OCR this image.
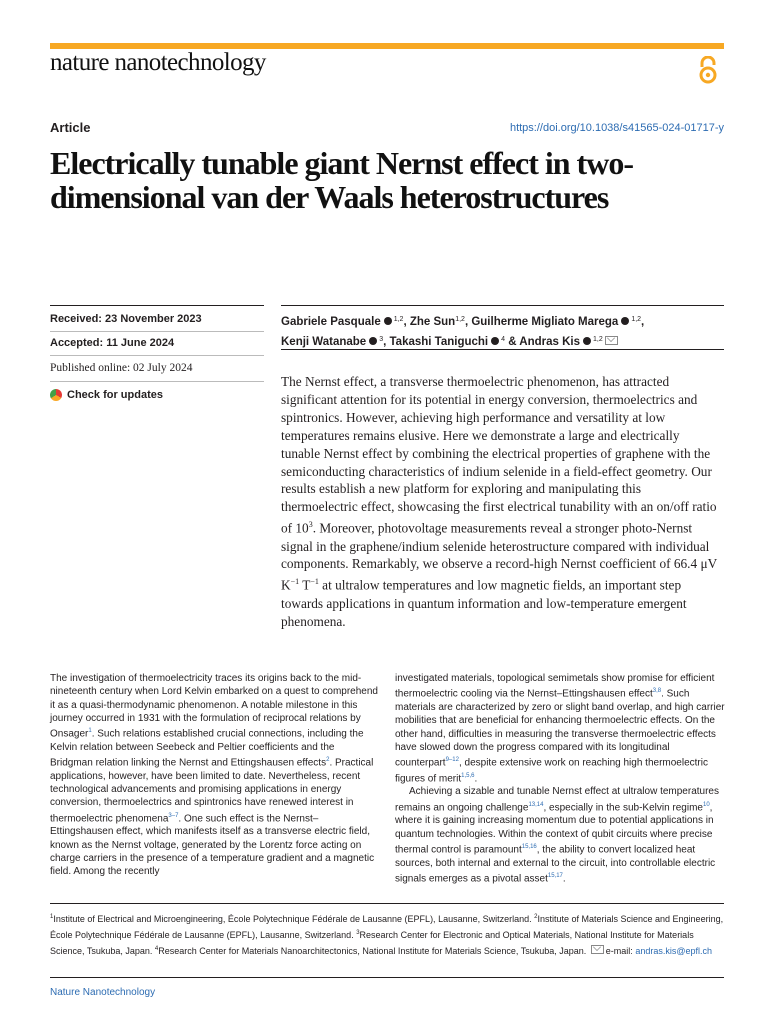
nature nanotechnology
Article	https://doi.org/10.1038/s41565-024-01717-y
Electrically tunable giant Nernst effect in two-dimensional van der Waals heterostructures
Received: 23 November 2023
Accepted: 11 June 2024
Published online: 02 July 2024
Check for updates
Gabriele Pasquale $^{1,2}$, Zhe Sun$^{1,2}$, Guilherme Migliato Marega $^{1,2}$,
Kenji Watanabe $^3$, Takashi Taniguchi $^4$ & Andras Kis $^{1,2}$

The Nernst effect, a transverse thermoelectric phenomenon, has attracted significant attention for its potential in energy conversion, thermoelectrics and spintronics. However, achieving high performance and versatility at low temperatures remains elusive. Here we demonstrate a large and electrically tunable Nernst effect by combining the electrical properties of graphene with the semiconducting characteristics of indium selenide in a field-effect geometry. Our results establish a new platform for exploring and manipulating this thermoelectric effect, showcasing the first electrical tunability with an on/off ratio of $10^3$. Moreover, photovoltage measurements reveal a stronger photo-Nernst signal in the graphene/indium selenide heterostructure compared with individual components. Remarkably, we observe a record-high Nernst coefficient of 66.4 μV $K^{-1}$ $T^{-1}$ at ultralow temperatures and low magnetic fields, an important step towards applications in quantum information and low-temperature emergent phenomena.

The investigation of thermoelectricity traces its origins back to the mid-nineteenth century when Lord Kelvin embarked on a quest to comprehend it as a quasi-thermodynamic phenomenon. A notable milestone in this journey occurred in 1931 with the formulation of reciprocal relations by Onsager$^1$. Such relations established crucial connections, including the Kelvin relation between Seebeck and Peltier coefficients and the Bridgman relation linking the Nernst and Ettingshausen effects$^2$. Practical applications, however, have been limited to date. Nevertheless, recent technological advancements and promising applications in energy conversion, thermoelectrics and spintronics have renewed interest in thermoelectric phenomena$^{3-7}$. One such effect is the Nernst–Ettingshausen effect, which manifests itself as a transverse electric field, known as the Nernst voltage, generated by the Lorentz force acting on charge carriers in the presence of a temperature gradient and a magnetic field. Among the recently

investigated materials, topological semimetals show promise for efficient thermoelectric cooling via the Nernst–Ettingshausen effect$^{3,8}$. Such materials are characterized by zero or slight band overlap, and high carrier mobilities that are beneficial for enhancing thermoelectric effects. On the other hand, difficulties in measuring the transverse thermoelectric effects have slowed down the progress compared with its longitudinal counterpart$^{9-12}$, despite extensive work on reaching high thermoelectric figures of merit$^{1,5,6}$.

Achieving a sizable and tunable Nernst effect at ultralow temperatures remains an ongoing challenge$^{13,14}$, especially in the sub-Kelvin regime$^{10}$, where it is gaining increasing momentum due to potential applications in quantum technologies. Within the context of qubit circuits where precise thermal control is paramount$^{15,16}$, the ability to convert localized heat sources, both internal and external to the circuit, into controllable electric signals emerges as a pivotal asset$^{15,17}$.

$^1$Institute of Electrical and Microengineering, École Polytechnique Fédérale de Lausanne (EPFL), Lausanne, Switzerland. $^2$Institute of Materials Science and Engineering, École Polytechnique Fédérale de Lausanne (EPFL), Lausanne, Switzerland. $^3$Research Center for Electronic and Optical Materials, National Institute for Materials Science, Tsukuba, Japan. $^4$Research Center for Materials Nanoarchitectonics, National Institute for Materials Science, Tsukuba, Japan. e-mail: andras.kis@epfl.ch

Nature Nanotechnology
